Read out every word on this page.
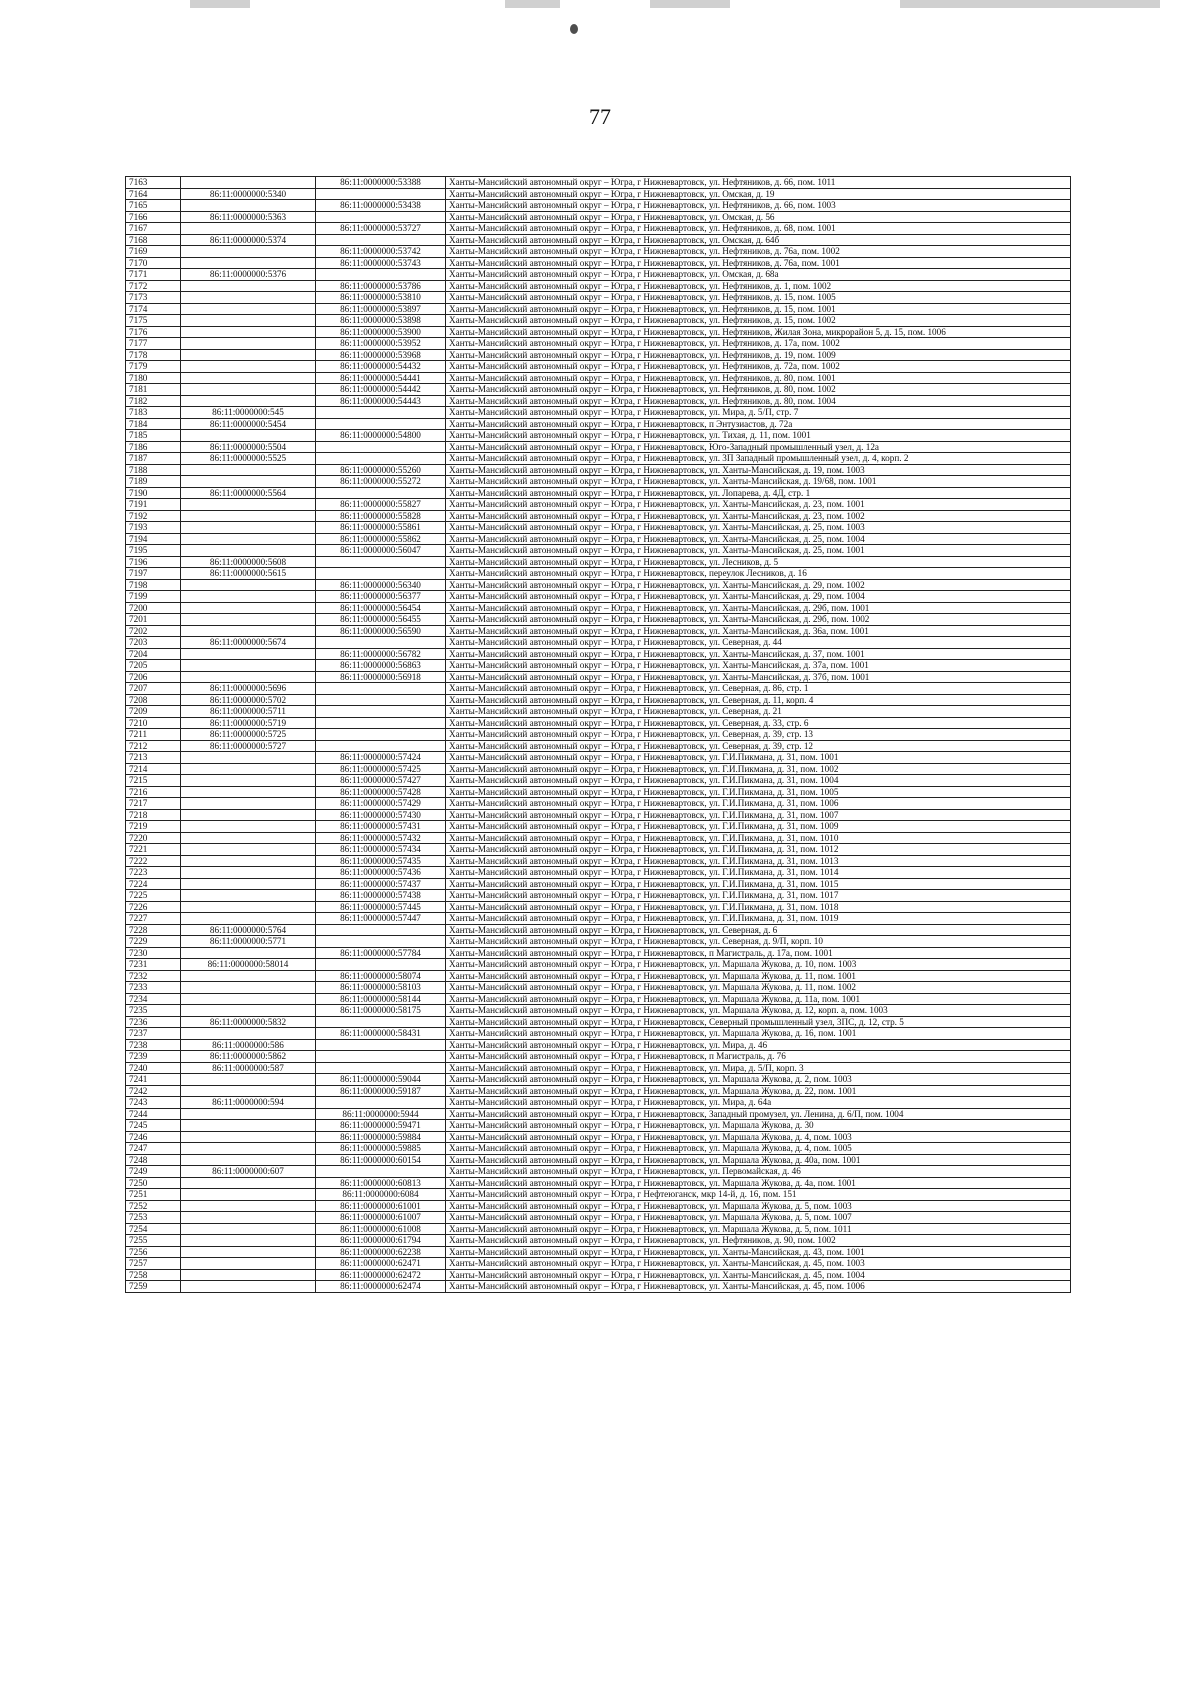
77
7163		86:11:0000000:53388	Ханты-Мансийский автономный округ – Югра, г Нижневартовск, ул. Нефтяников, д. 66, пом. 1011
7164	86:11:0000000:5340		Ханты-Мансийский автономный округ – Югра, г Нижневартовск, ул. Омская, д. 19
7165		86:11:0000000:53438	Ханты-Мансийский автономный округ – Югра, г Нижневартовск, ул. Нефтяников, д. 66, пом. 1003
7166	86:11:0000000:5363		Ханты-Мансийский автономный округ – Югра, г Нижневартовск, ул. Омская, д. 56
7167		86:11:0000000:53727	Ханты-Мансийский автономный округ – Югра, г Нижневартовск, ул. Нефтяников, д. 68, пом. 1001
7168	86:11:0000000:5374		Ханты-Мансийский автономный округ – Югра, г Нижневартовск, ул. Омская, д. 64б
7169		86:11:0000000:53742	Ханты-Мансийский автономный округ – Югра, г Нижневартовск, ул. Нефтяников, д. 76а, пом. 1002
7170		86:11:0000000:53743	Ханты-Мансийский автономный округ – Югра, г Нижневартовск, ул. Нефтяников, д. 76а, пом. 1001
7171	86:11:0000000:5376		Ханты-Мансийский автономный округ – Югра, г Нижневартовск, ул. Омская, д. 68а
7172		86:11:0000000:53786	Ханты-Мансийский автономный округ – Югра, г Нижневартовск, ул. Нефтяников, д. 1, пом. 1002
7173		86:11:0000000:53810	Ханты-Мансийский автономный округ – Югра, г Нижневартовск, ул. Нефтяников, д. 15, пом. 1005
7174		86:11:0000000:53897	Ханты-Мансийский автономный округ – Югра, г Нижневартовск, ул. Нефтяников, д. 15, пом. 1001
7175		86:11:0000000:53898	Ханты-Мансийский автономный округ – Югра, г Нижневартовск, ул. Нефтяников, д. 15, пом. 1002
7176		86:11:0000000:53900	Ханты-Мансийский автономный округ – Югра, г Нижневартовск, ул. Нефтяников, Жилая Зона, микрорайон 5, д. 15, пом. 1006
7177		86:11:0000000:53952	Ханты-Мансийский автономный округ – Югра, г Нижневартовск, ул. Нефтяников, д. 17а, пом. 1002
7178		86:11:0000000:53968	Ханты-Мансийский автономный округ – Югра, г Нижневартовск, ул. Нефтяников, д. 19, пом. 1009
7179		86:11:0000000:54432	Ханты-Мансийский автономный округ – Югра, г Нижневартовск, ул. Нефтяников, д. 72а, пом. 1002
7180		86:11:0000000:54441	Ханты-Мансийский автономный округ – Югра, г Нижневартовск, ул. Нефтяников, д. 80, пом. 1001
7181		86:11:0000000:54442	Ханты-Мансийский автономный округ – Югра, г Нижневартовск, ул. Нефтяников, д. 80, пом. 1002
7182		86:11:0000000:54443	Ханты-Мансийский автономный округ – Югра, г Нижневартовск, ул. Нефтяников, д. 80, пом. 1004
7183	86:11:0000000:545		Ханты-Мансийский автономный округ – Югра, г Нижневартовск, ул. Мира, д. 5/П, стр. 7
7184	86:11:0000000:5454		Ханты-Мансийский автономный округ – Югра, г Нижневартовск, п Энтузиастов, д. 72а
7185		86:11:0000000:54800	Ханты-Мансийский автономный округ – Югра, г Нижневартовск, ул. Тихая, д. 11, пом. 1001
7186	86:11:0000000:5504		Ханты-Мансийский автономный округ – Югра, г Нижневартовск, Юго-Западный промышленный узел, д. 12а
7187	86:11:0000000:5525		Ханты-Мансийский автономный округ – Югра, г Нижневартовск, ул. 3П Западный промышленный узел, д. 4, корп. 2
7188		86:11:0000000:55260	Ханты-Мансийский автономный округ – Югра, г Нижневартовск, ул. Ханты-Мансийская, д. 19, пом. 1003
7189		86:11:0000000:55272	Ханты-Мансийский автономный округ – Югра, г Нижневартовск, ул. Ханты-Мансийская, д. 19/68, пом. 1001
7190	86:11:0000000:5564		Ханты-Мансийский автономный округ – Югра, г Нижневартовск, ул. Лопарева, д. 4Д, стр. 1
7191		86:11:0000000:55827	Ханты-Мансийский автономный округ – Югра, г Нижневартовск, ул. Ханты-Мансийская, д. 23, пом. 1001
7192		86:11:0000000:55828	Ханты-Мансийский автономный округ – Югра, г Нижневартовск, ул. Ханты-Мансийская, д. 23, пом. 1002
7193		86:11:0000000:55861	Ханты-Мансийский автономный округ – Югра, г Нижневартовск, ул. Ханты-Мансийская, д. 25, пом. 1003
7194		86:11:0000000:55862	Ханты-Мансийский автономный округ – Югра, г Нижневартовск, ул. Ханты-Мансийская, д. 25, пом. 1004
7195		86:11:0000000:56047	Ханты-Мансийский автономный округ – Югра, г Нижневартовск, ул. Ханты-Мансийская, д. 25, пом. 1001
7196	86:11:0000000:5608		Ханты-Мансийский автономный округ – Югра, г Нижневартовск, ул. Лесников, д. 5
7197	86:11:0000000:5615		Ханты-Мансийский автономный округ – Югра, г Нижневартовск, переулок Лесников, д. 16
7198		86:11:0000000:56340	Ханты-Мансийский автономный округ – Югра, г Нижневартовск, ул. Ханты-Мансийская, д. 29, пом. 1002
7199		86:11:0000000:56377	Ханты-Мансийский автономный округ – Югра, г Нижневартовск, ул. Ханты-Мансийская, д. 29, пом. 1004
7200		86:11:0000000:56454	Ханты-Мансийский автономный округ – Югра, г Нижневартовск, ул. Ханты-Мансийская, д. 29б, пом. 1001
7201		86:11:0000000:56455	Ханты-Мансийский автономный округ – Югра, г Нижневартовск, ул. Ханты-Мансийская, д. 29б, пом. 1002
7202		86:11:0000000:56590	Ханты-Мансийский автономный округ – Югра, г Нижневартовск, ул. Ханты-Мансийская, д. 36а, пом. 1001
7203	86:11:0000000:5674		Ханты-Мансийский автономный округ – Югра, г Нижневартовск, ул. Северная, д. 44
7204		86:11:0000000:56782	Ханты-Мансийский автономный округ – Югра, г Нижневартовск, ул. Ханты-Мансийская, д. 37, пом. 1001
7205		86:11:0000000:56863	Ханты-Мансийский автономный округ – Югра, г Нижневартовск, ул. Ханты-Мансийская, д. 37а, пом. 1001
7206		86:11:0000000:56918	Ханты-Мансийский автономный округ – Югра, г Нижневартовск, ул. Ханты-Мансийская, д. 37б, пом. 1001
7207	86:11:0000000:5696		Ханты-Мансийский автономный округ – Югра, г Нижневартовск, ул. Северная, д. 86, стр. 1
7208	86:11:0000000:5702		Ханты-Мансийский автономный округ – Югра, г Нижневартовск, ул. Северная, д. 11, корп. 4
7209	86:11:0000000:5711		Ханты-Мансийский автономный округ – Югра, г Нижневартовск, ул. Северная, д. 21
7210	86:11:0000000:5719		Ханты-Мансийский автономный округ – Югра, г Нижневартовск, ул. Северная, д. 33, стр. 6
7211	86:11:0000000:5725		Ханты-Мансийский автономный округ – Югра, г Нижневартовск, ул. Северная, д. 39, стр. 13
7212	86:11:0000000:5727		Ханты-Мансийский автономный округ – Югра, г Нижневартовск, ул. Северная, д. 39, стр. 12
7213		86:11:0000000:57424	Ханты-Мансийский автономный округ – Югра, г Нижневартовск, ул. Г.И.Пикмана, д. 31, пом. 1001
7214		86:11:0000000:57425	Ханты-Мансийский автономный округ – Югра, г Нижневартовск, ул. Г.И.Пикмана, д. 31, пом. 1002
7215		86:11:0000000:57427	Ханты-Мансийский автономный округ – Югра, г Нижневартовск, ул. Г.И.Пикмана, д. 31, пом. 1004
7216		86:11:0000000:57428	Ханты-Мансийский автономный округ – Югра, г Нижневартовск, ул. Г.И.Пикмана, д. 31, пом. 1005
7217		86:11:0000000:57429	Ханты-Мансийский автономный округ – Югра, г Нижневартовск, ул. Г.И.Пикмана, д. 31, пом. 1006
7218		86:11:0000000:57430	Ханты-Мансийский автономный округ – Югра, г Нижневартовск, ул. Г.И.Пикмана, д. 31, пом. 1007
7219		86:11:0000000:57431	Ханты-Мансийский автономный округ – Югра, г Нижневартовск, ул. Г.И.Пикмана, д. 31, пом. 1009
7220		86:11:0000000:57432	Ханты-Мансийский автономный округ – Югра, г Нижневартовск, ул. Г.И.Пикмана, д. 31, пом. 1010
7221		86:11:0000000:57434	Ханты-Мансийский автономный округ – Югра, г Нижневартовск, ул. Г.И.Пикмана, д. 31, пом. 1012
7222		86:11:0000000:57435	Ханты-Мансийский автономный округ – Югра, г Нижневартовск, ул. Г.И.Пикмана, д. 31, пом. 1013
7223		86:11:0000000:57436	Ханты-Мансийский автономный округ – Югра, г Нижневартовск, ул. Г.И.Пикмана, д. 31, пом. 1014
7224		86:11:0000000:57437	Ханты-Мансийский автономный округ – Югра, г Нижневартовск, ул. Г.И.Пикмана, д. 31, пом. 1015
7225		86:11:0000000:57438	Ханты-Мансийский автономный округ – Югра, г Нижневартовск, ул. Г.И.Пикмана, д. 31, пом. 1017
7226		86:11:0000000:57445	Ханты-Мансийский автономный округ – Югра, г Нижневартовск, ул. Г.И.Пикмана, д. 31, пом. 1018
7227		86:11:0000000:57447	Ханты-Мансийский автономный округ – Югра, г Нижневартовск, ул. Г.И.Пикмана, д. 31, пом. 1019
7228	86:11:0000000:5764		Ханты-Мансийский автономный округ – Югра, г Нижневартовск, ул. Северная, д. 6
7229	86:11:0000000:5771		Ханты-Мансийский автономный округ – Югра, г Нижневартовск, ул. Северная, д. 9/П, корп. 10
7230		86:11:0000000:57784	Ханты-Мансийский автономный округ – Югра, г Нижневартовск, п Магистраль, д. 17а, пом. 1001
7231	86:11:0000000:58014		Ханты-Мансийский автономный округ – Югра, г Нижневартовск, ул. Маршала Жукова, д. 10, пом. 1003
7232		86:11:0000000:58074	Ханты-Мансийский автономный округ – Югра, г Нижневартовск, ул. Маршала Жукова, д. 11, пом. 1001
7233		86:11:0000000:58103	Ханты-Мансийский автономный округ – Югра, г Нижневартовск, ул. Маршала Жукова, д. 11, пом. 1002
7234		86:11:0000000:58144	Ханты-Мансийский автономный округ – Югра, г Нижневартовск, ул. Маршала Жукова, д. 11а, пом. 1001
7235		86:11:0000000:58175	Ханты-Мансийский автономный округ – Югра, г Нижневартовск, ул. Маршала Жукова, д. 12, корп. а, пом. 1003
7236	86:11:0000000:5832		Ханты-Мансийский автономный округ – Югра, г Нижневартовск, Северный промышленный узел, 3ПС, д. 12, стр. 5
7237		86:11:0000000:58431	Ханты-Мансийский автономный округ – Югра, г Нижневартовск, ул. Маршала Жукова, д. 16, пом. 1001
7238	86:11:0000000:586		Ханты-Мансийский автономный округ – Югра, г Нижневартовск, ул. Мира, д. 46
7239	86:11:0000000:5862		Ханты-Мансийский автономный округ – Югра, г Нижневартовск, п Магистраль, д. 76
7240	86:11:0000000:587		Ханты-Мансийский автономный округ – Югра, г Нижневартовск, ул. Мира, д. 5/П, корп. 3
7241		86:11:0000000:59044	Ханты-Мансийский автономный округ – Югра, г Нижневартовск, ул. Маршала Жукова, д. 2, пом. 1003
7242		86:11:0000000:59187	Ханты-Мансийский автономный округ – Югра, г Нижневартовск, ул. Маршала Жукова, д. 22, пом. 1001
7243	86:11:0000000:594		Ханты-Мансийский автономный округ – Югра, г Нижневартовск, ул. Мира, д. 64а
7244		86:11:0000000:5944	Ханты-Мансийский автономный округ – Югра, г Нижневартовск, Западный промузел, ул. Ленина, д. 6/П, пом. 1004
7245		86:11:0000000:59471	Ханты-Мансийский автономный округ – Югра, г Нижневартовск, ул. Маршала Жукова, д. 30
7246		86:11:0000000:59884	Ханты-Мансийский автономный округ – Югра, г Нижневартовск, ул. Маршала Жукова, д. 4, пом. 1003
7247		86:11:0000000:59885	Ханты-Мансийский автономный округ – Югра, г Нижневартовск, ул. Маршала Жукова, д. 4, пом. 1005
7248		86:11:0000000:60154	Ханты-Мансийский автономный округ – Югра, г Нижневартовск, ул. Маршала Жукова, д. 40а, пом. 1001
7249	86:11:0000000:607		Ханты-Мансийский автономный округ – Югра, г Нижневартовск, ул. Первомайская, д. 46
7250		86:11:0000000:60813	Ханты-Мансийский автономный округ – Югра, г Нижневартовск, ул. Маршала Жукова, д. 4а, пом. 1001
7251		86:11:0000000:6084	Ханты-Мансийский автономный округ – Югра, г Нефтеюганск, мкр 14-й, д. 16, пом. 151
7252		86:11:0000000:61001	Ханты-Мансийский автономный округ – Югра, г Нижневартовск, ул. Маршала Жукова, д. 5, пом. 1003
7253		86:11:0000000:61007	Ханты-Мансийский автономный округ – Югра, г Нижневартовск, ул. Маршала Жукова, д. 5, пом. 1007
7254		86:11:0000000:61008	Ханты-Мансийский автономный округ – Югра, г Нижневартовск, ул. Маршала Жукова, д. 5, пом. 1011
7255		86:11:0000000:61794	Ханты-Мансийский автономный округ – Югра, г Нижневартовск, ул. Нефтяников, д. 90, пом. 1002
7256		86:11:0000000:62238	Ханты-Мансийский автономный округ – Югра, г Нижневартовск, ул. Ханты-Мансийская, д. 43, пом. 1001
7257		86:11:0000000:62471	Ханты-Мансийский автономный округ – Югра, г Нижневартовск, ул. Ханты-Мансийская, д. 45, пом. 1003
7258		86:11:0000000:62472	Ханты-Мансийский автономный округ – Югра, г Нижневартовск, ул. Ханты-Мансийская, д. 45, пом. 1004
7259		86:11:0000000:62474	Ханты-Мансийский автономный округ – Югра, г Нижневартовск, ул. Ханты-Мансийская, д. 45, пом. 1006
